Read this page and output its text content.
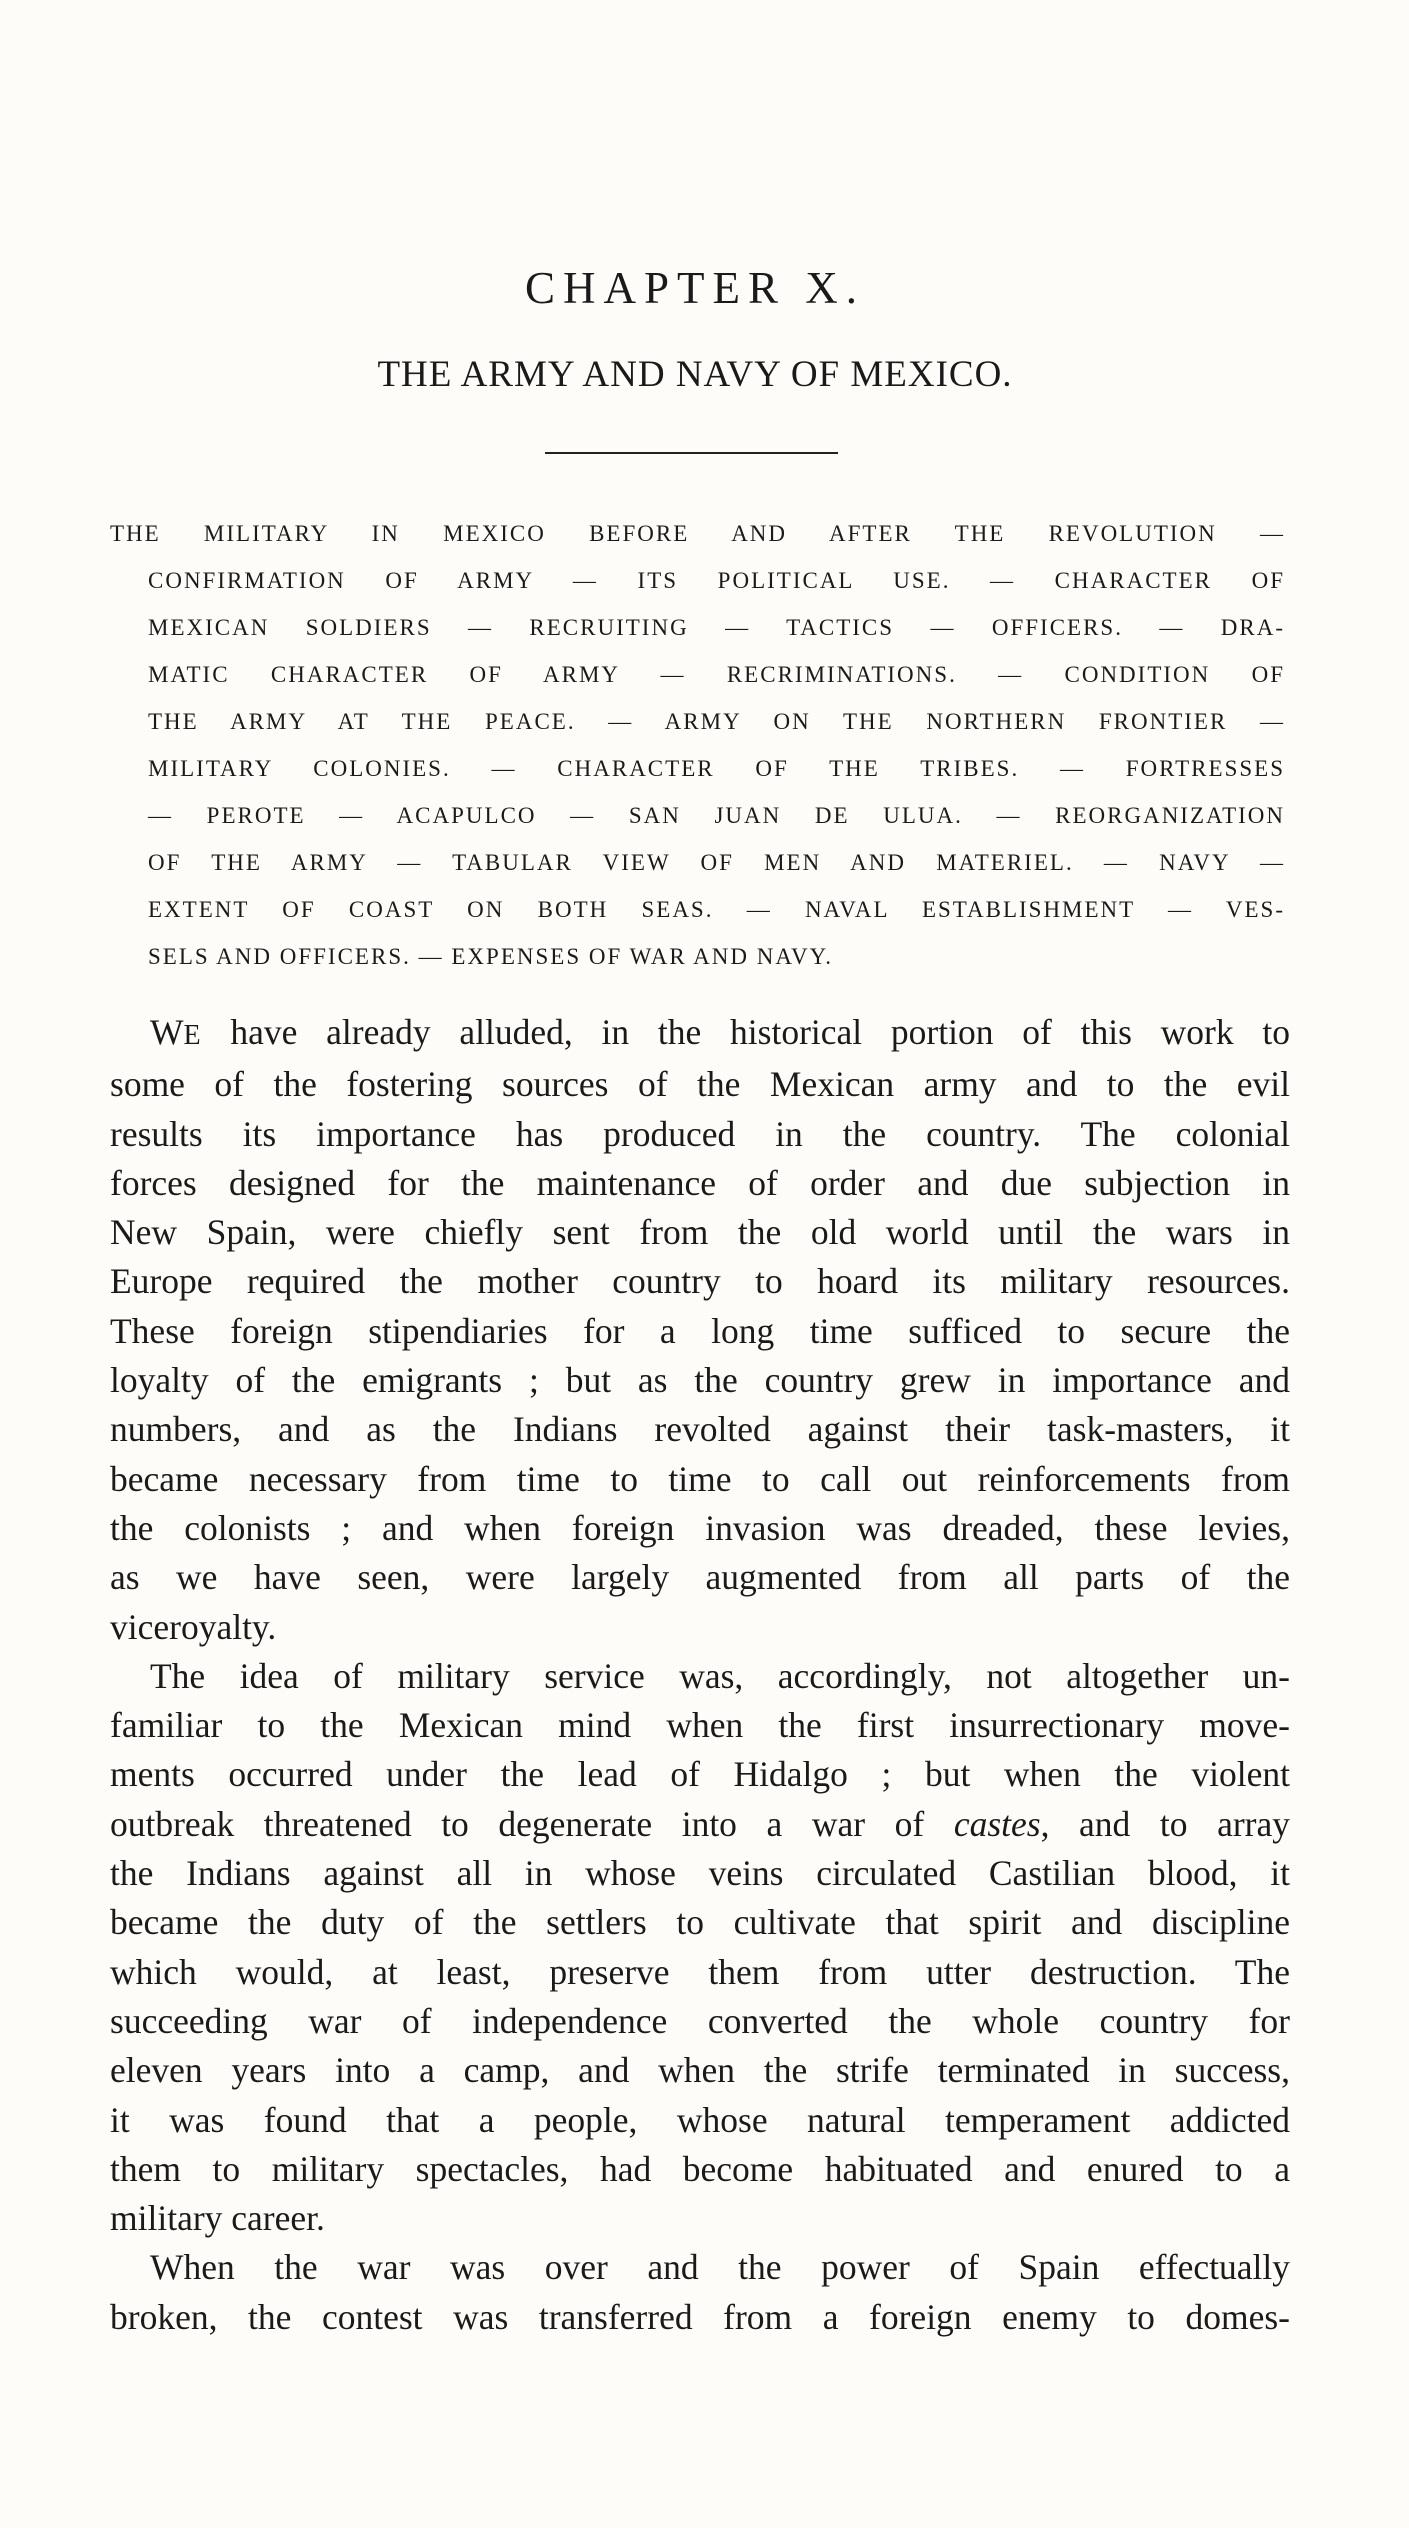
CHAPTER X.
THE ARMY AND NAVY OF MEXICO.
THE MILITARY IN MEXICO BEFORE AND AFTER THE REVOLUTION —
CONFIRMATION OF ARMY — ITS POLITICAL USE. — CHARACTER OF
MEXICAN SOLDIERS — RECRUITING — TACTICS — OFFICERS. — DRA-
MATIC CHARACTER OF ARMY — RECRIMINATIONS. — CONDITION OF
THE ARMY AT THE PEACE. — ARMY ON THE NORTHERN FRONTIER —
MILITARY COLONIES. — CHARACTER OF THE TRIBES. — FORTRESSES
— PEROTE — ACAPULCO — SAN JUAN DE ULUA. — REORGANIZATION
OF THE ARMY — TABULAR VIEW OF MEN AND MATERIEL. — NAVY —
EXTENT OF COAST ON BOTH SEAS. — NAVAL ESTABLISHMENT — VES-
SELS AND OFFICERS. — EXPENSES OF WAR AND NAVY.

WE have already alluded, in the historical portion of this work to
some of the fostering sources of the Mexican army and to the evil
results its importance has produced in the country. The colonial
forces designed for the maintenance of order and due subjection in
New Spain, were chiefly sent from the old world until the wars in
Europe required the mother country to hoard its military resources.
These foreign stipendiaries for a long time sufficed to secure the
loyalty of the emigrants ; but as the country grew in importance and
numbers, and as the Indians revolted against their task-masters, it
became necessary from time to time to call out reinforcements from
the colonists ; and when foreign invasion was dreaded, these levies,
as we have seen, were largely augmented from all parts of the
viceroyalty.

The idea of military service was, accordingly, not altogether un-
familiar to the Mexican mind when the first insurrectionary move-
ments occurred under the lead of Hidalgo ; but when the violent
outbreak threatened to degenerate into a war of castes, and to array
the Indians against all in whose veins circulated Castilian blood, it
became the duty of the settlers to cultivate that spirit and discipline
which would, at least, preserve them from utter destruction. The
succeeding war of independence converted the whole country for
eleven years into a camp, and when the strife terminated in success,
it was found that a people, whose natural temperament addicted
them to military spectacles, had become habituated and enured to a
military career.

When the war was over and the power of Spain effectually
broken, the contest was transferred from a foreign enemy to domes-
